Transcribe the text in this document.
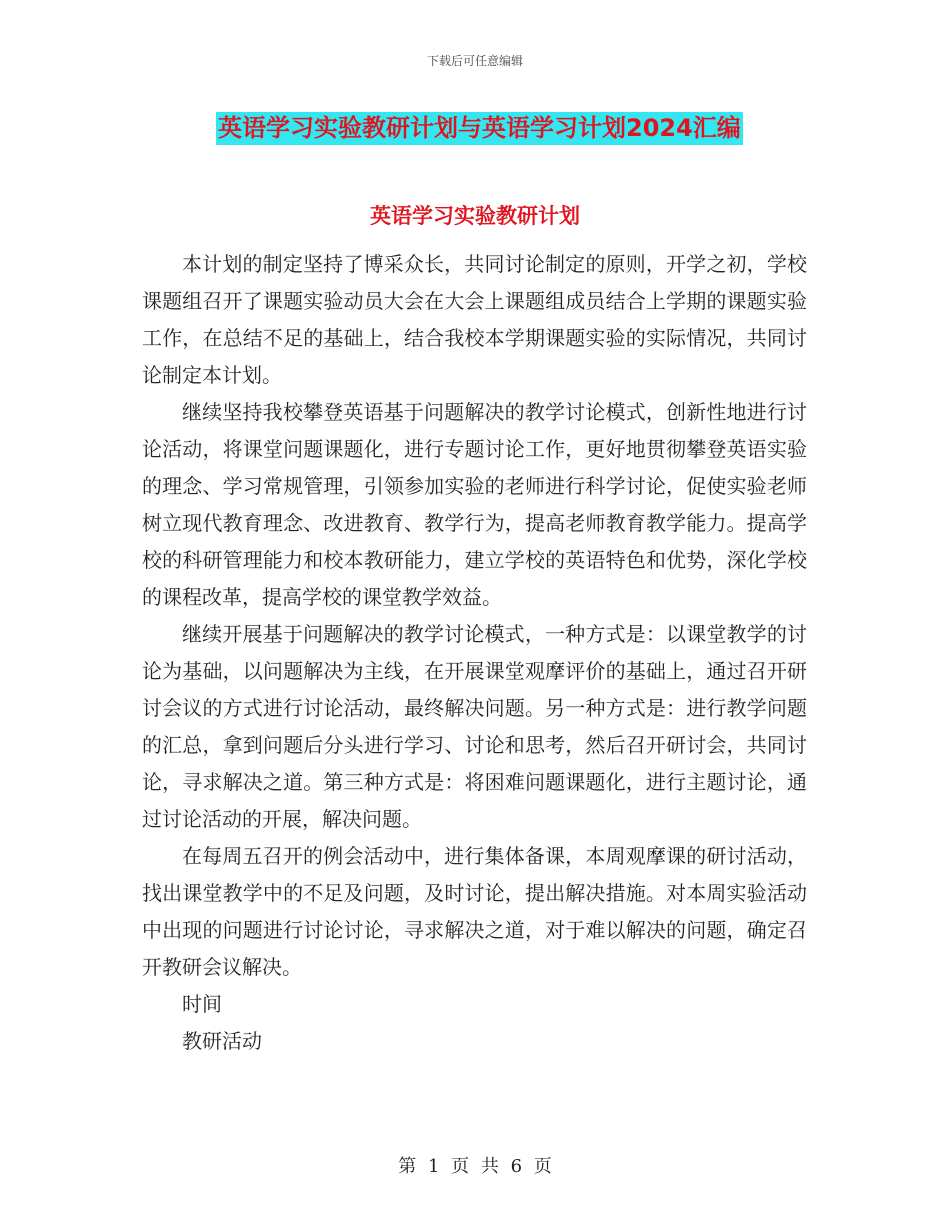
下载后可任意编辑
英语学习实验教研计划与英语学习计划2024汇编
英语学习实验教研计划

本计划的制定坚持了博采众长，共同讨论制定的原则，开学之初，学校课题组召开了课题实验动员大会在大会上课题组成员结合上学期的课题实验工作，在总结不足的基础上，结合我校本学期课题实验的实际情况，共同讨论制定本计划。

继续坚持我校攀登英语基于问题解决的教学讨论模式，创新性地进行讨论活动，将课堂问题课题化，进行专题讨论工作，更好地贯彻攀登英语实验的理念、学习常规管理，引领参加实验的老师进行科学讨论，促使实验老师树立现代教育理念、改进教育、教学行为，提高老师教育教学能力。提高学校的科研管理能力和校本教研能力，建立学校的英语特色和优势，深化学校的课程改革，提高学校的课堂教学效益。

继续开展基于问题解决的教学讨论模式，一种方式是：以课堂教学的讨论为基础，以问题解决为主线，在开展课堂观摩评价的基础上，通过召开研讨会议的方式进行讨论活动，最终解决问题。另一种方式是：进行教学问题的汇总，拿到问题后分头进行学习、讨论和思考，然后召开研讨会，共同讨论，寻求解决之道。第三种方式是：将困难问题课题化，进行主题讨论，通过讨论活动的开展，解决问题。

在每周五召开的例会活动中，进行集体备课，本周观摩课的研讨活动，找出课堂教学中的不足及问题，及时讨论，提出解决措施。对本周实验活动中出现的问题进行讨论讨论，寻求解决之道，对于难以解决的问题，确定召开教研会议解决。

时间

教研活动

第 1 页 共 6 页
